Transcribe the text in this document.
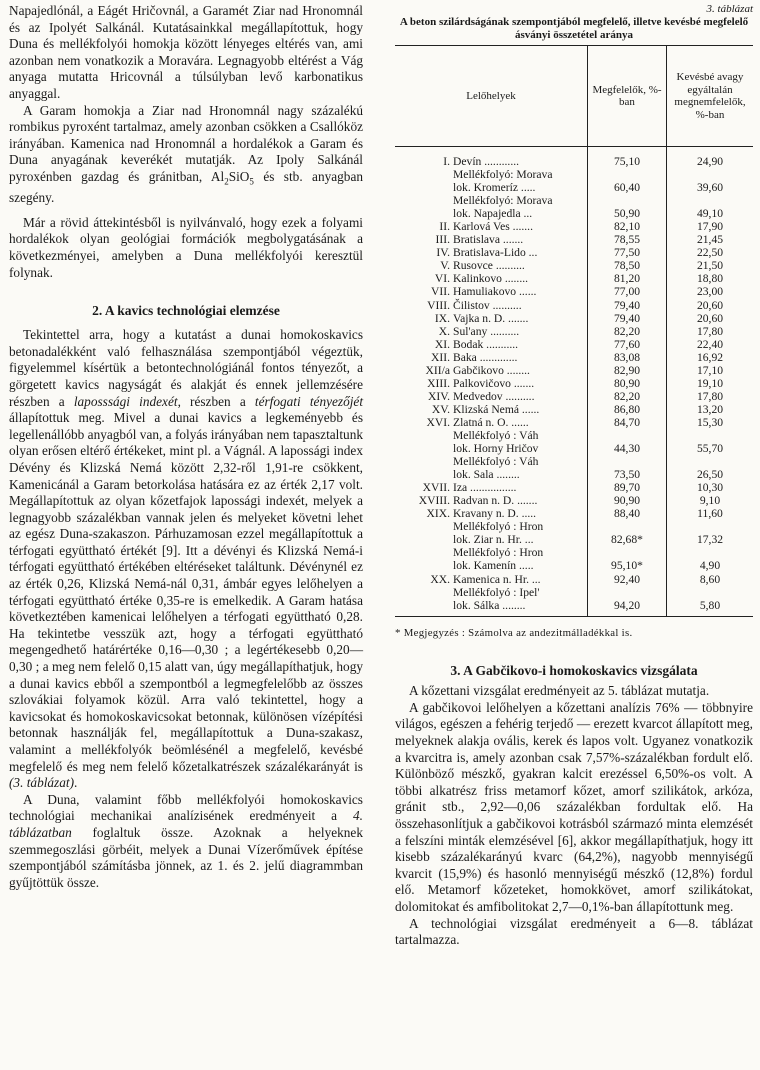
Napajedlónál, a Eágét Hričovnál, a Garamét Ziar nad Hronomnál és az Ipolyét Salkánál. Kutatásainkkal megállapítottuk, hogy Duna és mellékfolyói homokja között lényeges eltérés van, ami azonban nem vonatkozik a Moravára. Legnagyobb eltérést a Vág anyaga mutatta Hricovnál a túlsúlyban levő karbonatikus anyaggal.

A Garam homokja a Ziar nad Hronomnál nagy százalékú rombikus pyroxént tartalmaz, amely azonban csökken a Csallóköz irányában. Kamenica nad Hronomnál a hordalékok a Garam és Duna anyagának keverékét mutatják. Az Ipoly Salkánál pyroxénben gazdag és gránitban, $Al_2SiO_5$ és stb. anyagban szegény.

Már a rövid áttekintésből is nyilvánvaló, hogy ezek a folyami hordalékok olyan geológiai formációk megbolygatásának a következményei, amelyben a Duna mellékfolyói keresztül folynak.

2. A kavics technológiai elemzése

Tekintettel arra, hogy a kutatást a dunai homokoskavics betonadalékként való felhasználása szempontjából végeztük, figyelemmel kísértük a betontechnológiánál fontos tényezőt, a görgetett kavics nagyságát és alakját és ennek jellemzésére részben a laposssági indexét, részben a térfogati tényezőjét állapítottuk meg. Mivel a dunai kavics a legkeményebb és legellenállóbb anyagból van, a folyás irányában nem tapasztaltunk olyan erősen eltérő értékeket, mint pl. a Vágnál. A lapossági index Dévény és Klizská Nemá között 2,32-ről 1,91-re csökkent, Kamenicánál a Garam betorkolása hatására ez az érték 2,17 volt. Megállapítottuk az olyan kőzetfajok lapossági indexét, melyek a legnagyobb százalékban vannak jelen és melyeket követni lehet az egész Duna-szakaszon. Párhuzamosan ezzel megállapítottuk a térfogati együttható értékét [9]. Itt a dévényi és Klizská Nemá-i térfogati együttható értékében eltéréseket találtunk. Dévénynél ez az érték 0,26, Klizská Nemá-nál 0,31, ámbár egyes lelőhelyen a térfogati együttható értéke 0,35-re is emelkedik. A Garam hatása következtében kamenicai lelőhelyen a térfogati együttható 0,28. Ha tekintetbe vesszük azt, hogy a térfogati együttható megengedhető határértéke 0,16—0,30 ; a legértékesebb 0,20—0,30 ; a meg nem felelő 0,15 alatt van, úgy megállapíthatjuk, hogy a dunai kavics ebből a szempontból a legmegfelelőbb az összes szlovákiai folyamok közül. Arra való tekintettel, hogy a kavicsokat és homokoskavicsokat betonnak, különösen vízépítési betonnak használják fel, megállapítottuk a Duna-szakasz, valamint a mellékfolyók beömlésénél a megfelelő, kevésbé megfelelő és meg nem felelő kőzetalkatrészek százalékarányát is (3. táblázat).

A Duna, valamint főbb mellékfolyói homokoskavics technológiai mechanikai analízisének eredményeit a 4. táblázatban foglaltuk össze. Azoknak a helyeknek szemmegoszlási görbéit, melyek a Dunai Vízerőművek építése szempontjából számításba jönnek, az 1. és 2. jelű diagrammban gyűjtöttük össze.

3. táblázat
A beton szilárdságának szempontjából megfelelő, illetve kevésbé megfelelő ásványi összetétel aránya
Lelőhelyek	Megfelelők, %-ban	Kevésbé avagy egyáltalán megnemfelelők, %-ban
I. Devín ............	75,10	24,90
Mellékfolyó: Morava		
lok. Kromeríz .....	60,40	39,60
Mellékfolyó: Morava		
lok. Napajedla ...	50,90	49,10
II. Karlová Ves .......	82,10	17,90
III. Bratislava .......	78,55	21,45
IV. Bratislava-Lido ...	77,50	22,50
V. Rusovce ..........	78,50	21,50
VI. Kalinkovo ........	81,20	18,80
VII. Hamuliakovo ......	77,00	23,00
VIII. Čilistov ..........	79,40	20,60
IX. Vajka n. D. .......	79,40	20,60
X. Sul'any ..........	82,20	17,80
XI. Bodak ...........	77,60	22,40
XII. Baka .............	83,08	16,92
XII/a Gabčikovo ........	82,90	17,10
XIII. Palkovičovo .......	80,90	19,10
XIV. Medvedov ..........	82,20	17,80
XV. Klizská Nemá ......	86,80	13,20
XVI. Zlatná n. O. ......	84,70	15,30
Mellékfolyó : Váh		
lok. Horny Hričov	44,30	55,70
Mellékfolyó : Váh		
lok. Sala ........	73,50	26,50
XVII. Iza ................	89,70	10,30
XVIII. Radvan n. D. .......	90,90	9,10
XIX. Kravany n. D. .....	88,40	11,60
Mellékfolyó : Hron		
lok. Ziar n. Hr. ...	82,68*	17,32
Mellékfolyó : Hron		
lok. Kamenín .....	95,10*	4,90
XX. Kamenica n. Hr. ...	92,40	8,60
Mellékfolyó : Ipel'		
lok. Sálka ........	94,20	5,80

* Megjegyzés : Számolva az andezitmálladékkal is.

3. A Gabčikovo-i homokoskavics vizsgálata

A kőzettani vizsgálat eredményeit az 5. táblázat mutatja.

A gabčikovoi lelőhelyen a kőzettani analízis 76% — többnyire világos, egészen a fehérig terjedő — erezett kvarcot állapított meg, melyeknek alakja ovális, kerek és lapos volt. Ugyanez vonatkozik a kvarcitra is, amely azonban csak 7,57%-százalékban fordult elő. Különböző mészkő, gyakran kalcit erezéssel 6,50%-os volt. A többi alkatrész friss metamorf kőzet, amorf szilikátok, arkóza, gránit stb., 2,92—0,06 százalékban fordultak elő. Ha összehasonlítjuk a gabčikovoi kotrásból származó minta elemzését a felszíni minták elemzésével [6], akkor megállapíthatjuk, hogy itt kisebb százalékarányú kvarc (64,2%), nagyobb mennyiségű kvarcit (15,9%) és hasonló mennyiségű mészkő (12,8%) fordul elő. Metamorf kőzeteket, homokkövet, amorf szilikátokat, dolomitokat és amfibolitokat 2,7—0,1%-ban állapítottunk meg.

A technológiai vizsgálat eredményeit a 6—8. táblázat tartalmazza.
